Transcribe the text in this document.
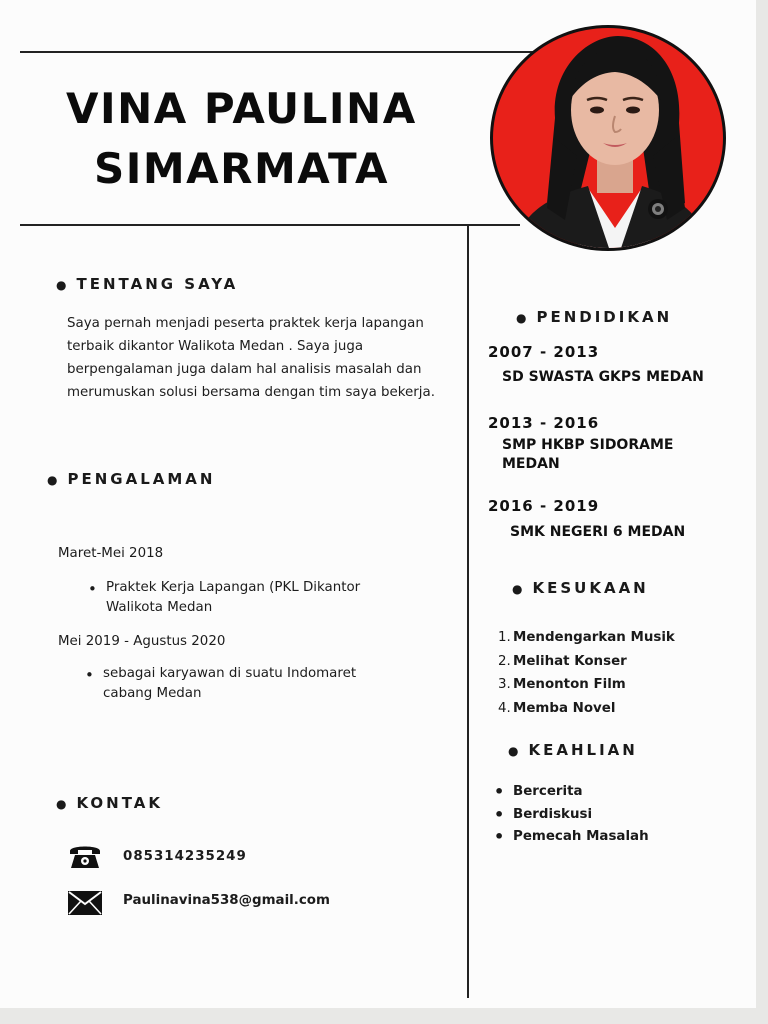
VINA PAULINA
SIMARMATA
● TENTANG SAYA
Saya pernah menjadi peserta praktek kerja lapangan terbaik dikantor Walikota Medan . Saya juga berpengalaman juga dalam hal analisis masalah dan merumuskan solusi bersama dengan tim saya bekerja.
● PENGALAMAN
Maret-Mei 2018
• Praktek Kerja Lapangan (PKL Dikantor
Walikota Medan
Mei 2019 - Agustus 2020
• sebagai karyawan di suatu Indomaret
cabang Medan
● KONTAK
085314235249
Paulinavina538@gmail.com
● PENDIDIKAN
2007 - 2013
SD SWASTA GKPS MEDAN
2013 - 2016
SMP HKBP SIDORAME
MEDAN
2016 - 2019
SMK NEGERI 6 MEDAN
● KESUKAAN
1. Mendengarkan Musik
2. Melihat Konser
3. Menonton Film
4. Memba Novel
● KEAHLIAN
• Bercerita
• Berdiskusi
• Pemecah Masalah
